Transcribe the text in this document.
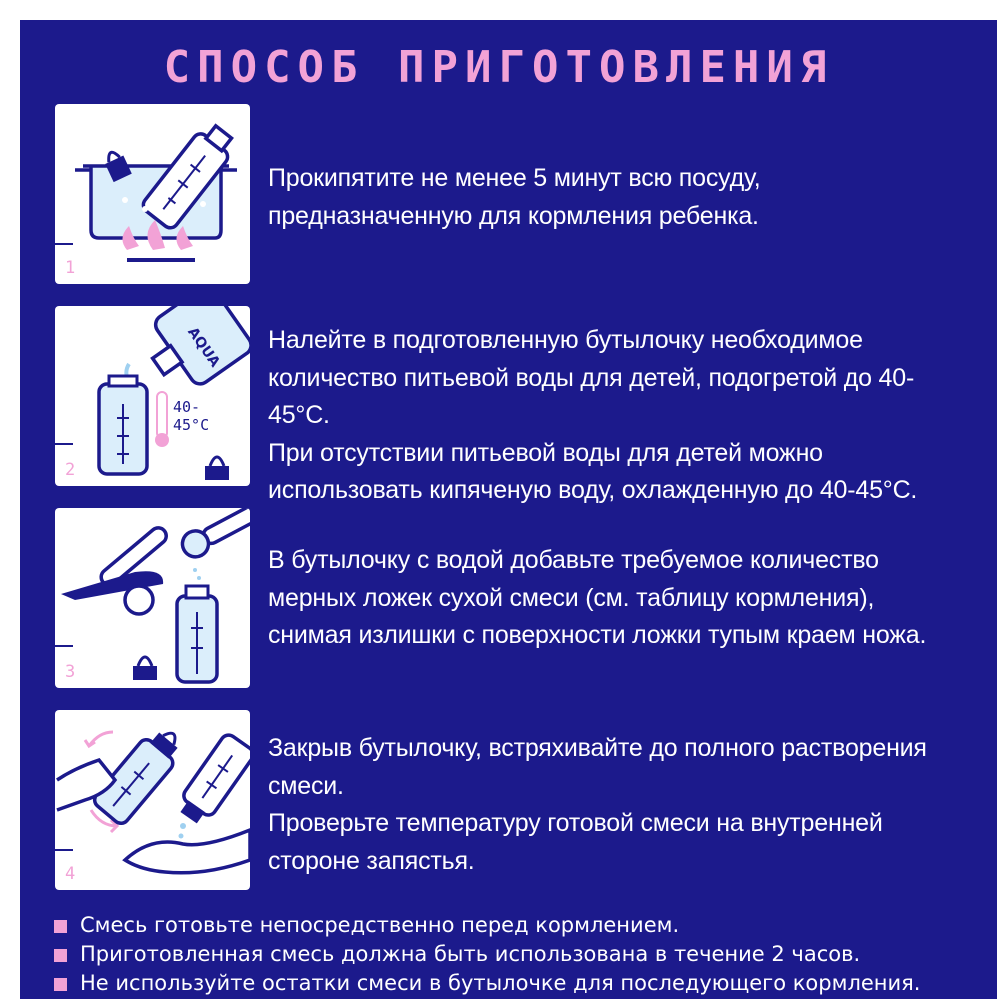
СПОСОБ ПРИГОТОВЛЕНИЯ
1

Прокипятите не менее 5 минут всю посуду,

предназначенную для кормления ребенка.

AQUA
40-
45°C
2

Налейте в подготовленную бутылочку необходимое

количество питьевой воды для детей, подогретой до 40-45°С.

При отсутствии питьевой воды для детей можно

использовать кипяченую воду, охлажденную до 40-45°С.

3

В бутылочку с водой добавьте требуемое количество

мерных ложек сухой смеси (см. таблицу кормления),

снимая излишки с поверхности ложки тупым краем ножа.

4

Закрыв бутылочку, встряхивайте до полного растворения

смеси.

Проверьте температуру готовой смеси на внутренней

стороне запястья.

Смесь готовьте непосредственно перед кормлением.
Приготовленная смесь должна быть использована в течение 2 часов.
Не используйте остатки смеси в бутылочке для последующего кормления.
